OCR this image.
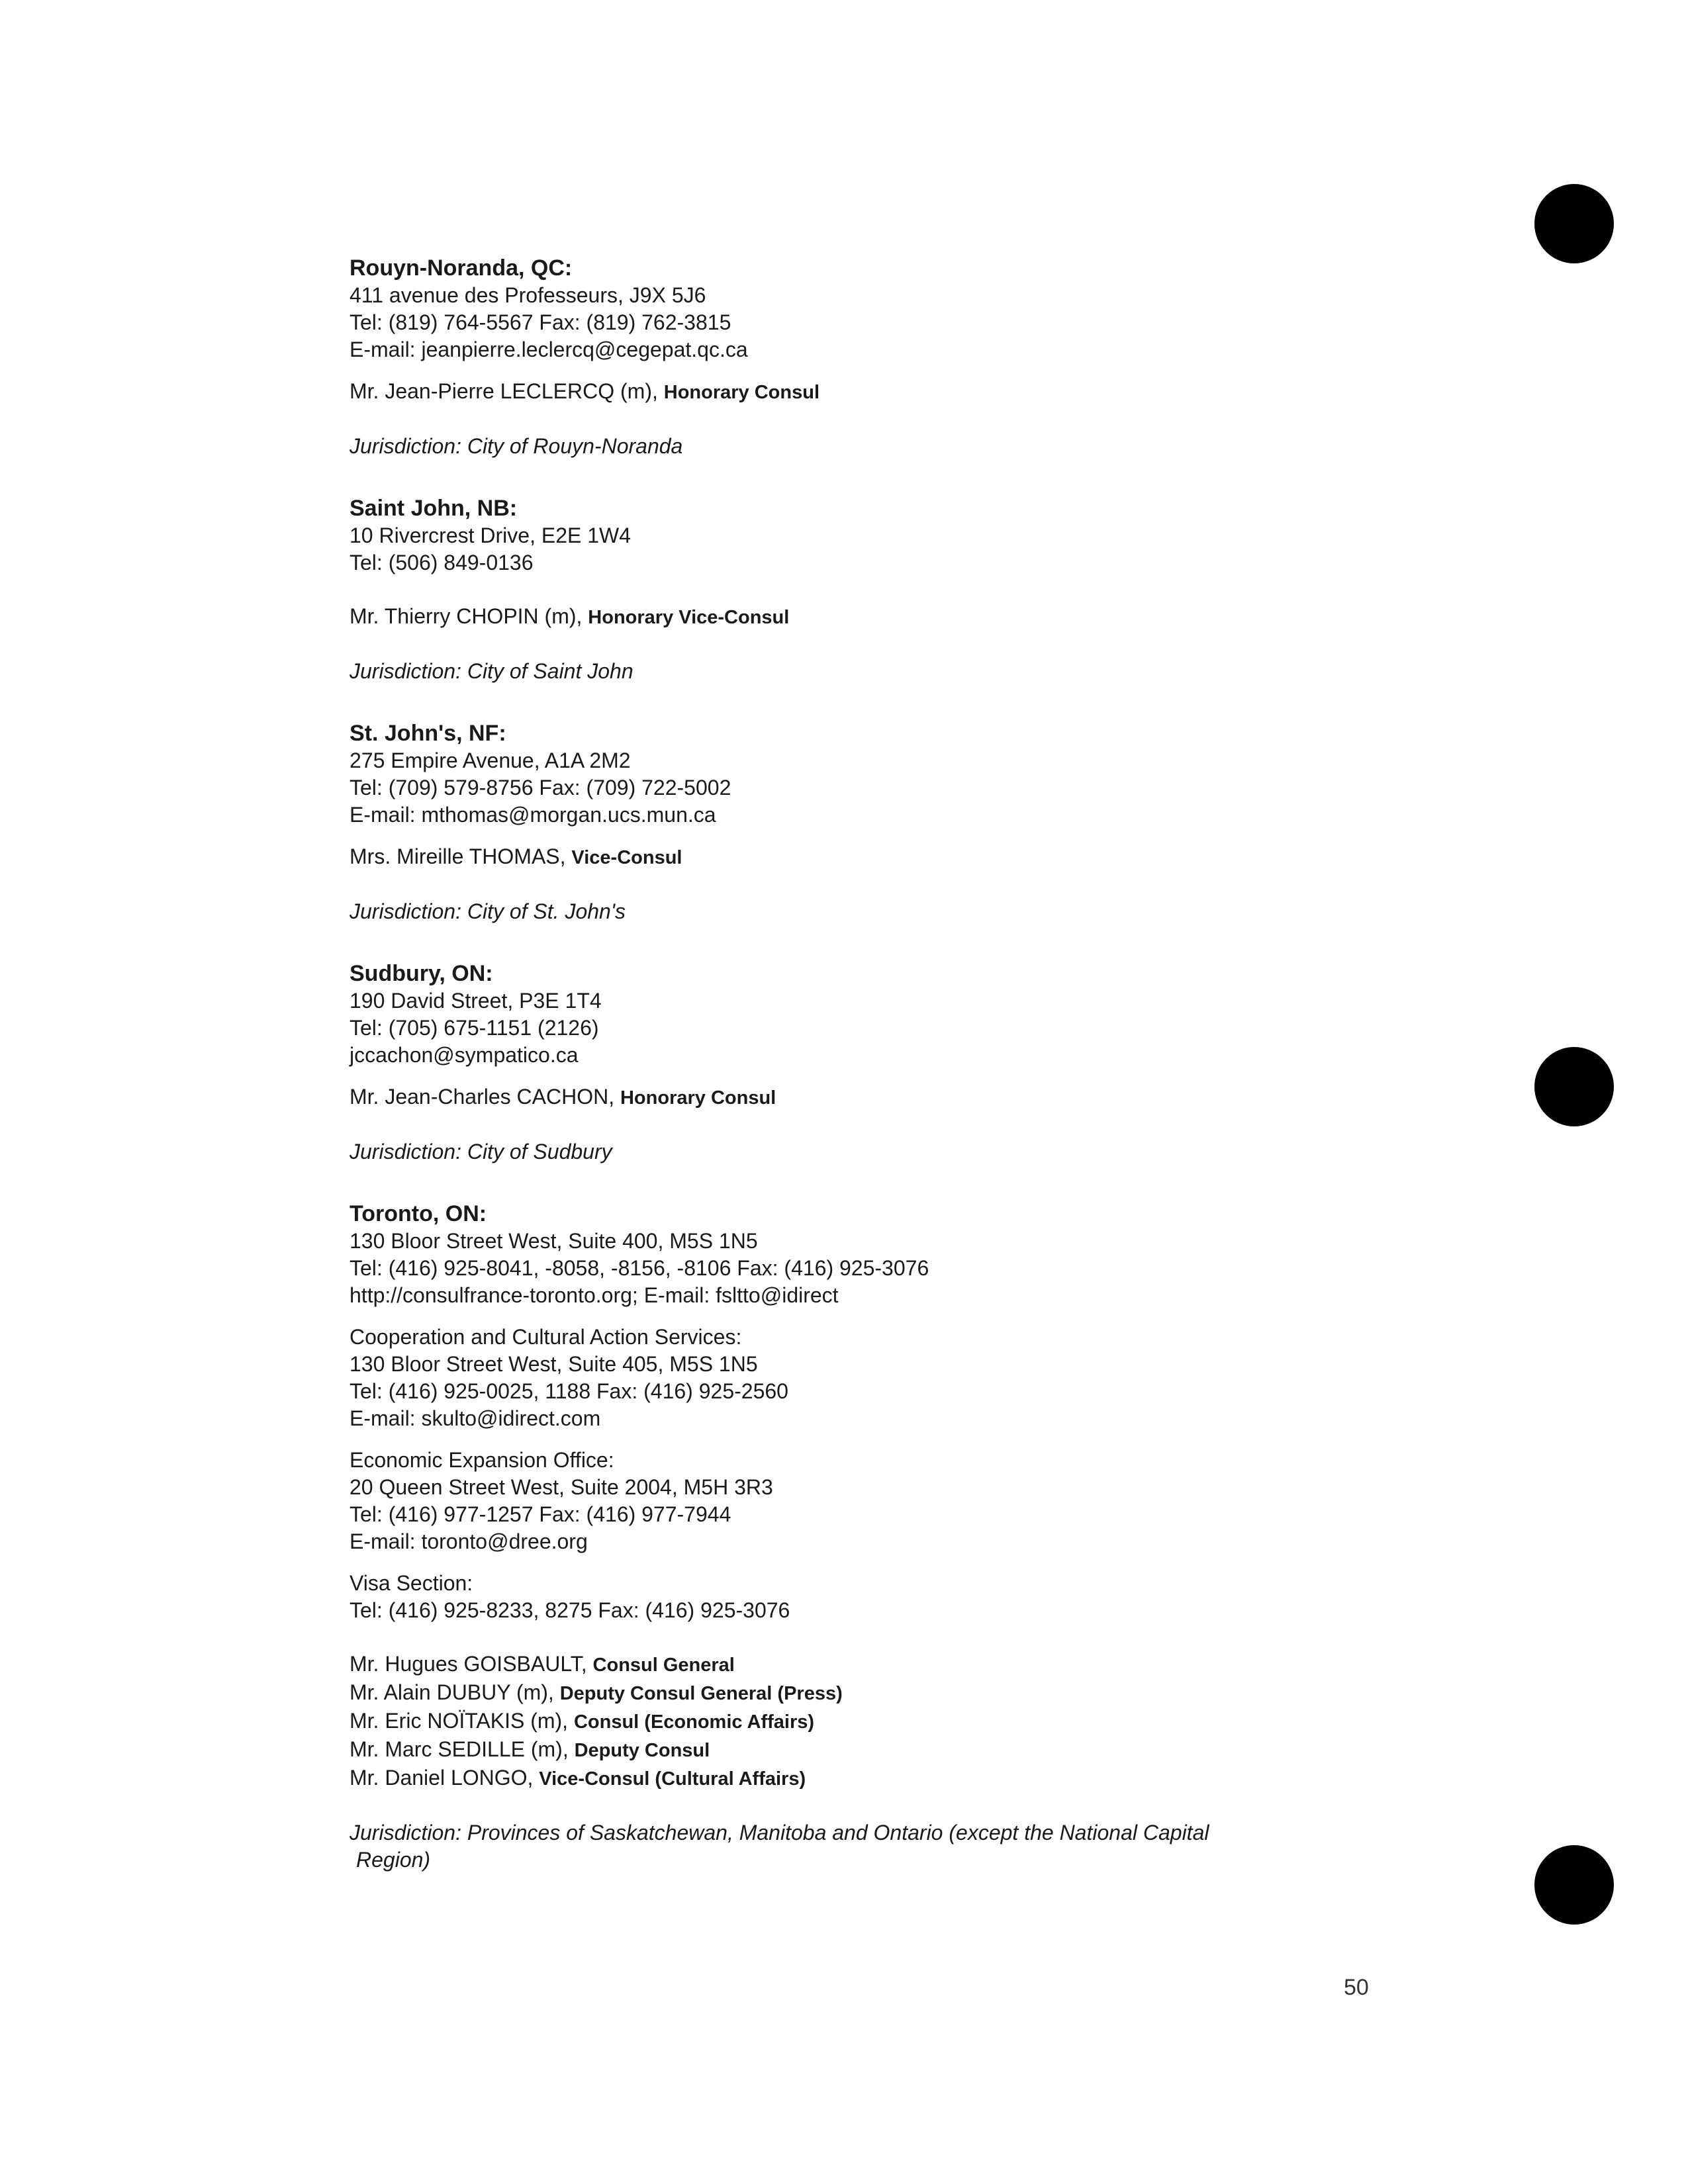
Rouyn-Noranda, QC:
411 avenue des Professeurs, J9X 5J6
Tel: (819) 764-5567 Fax: (819) 762-3815
E-mail: jeanpierre.leclercq@cegepat.qc.ca
Mr. Jean-Pierre LECLERCQ (m), Honorary Consul
Jurisdiction: City of Rouyn-Noranda
Saint John, NB:
10 Rivercrest Drive, E2E 1W4
Tel: (506) 849-0136
Mr. Thierry CHOPIN (m), Honorary Vice-Consul
Jurisdiction: City of Saint John
St. John's, NF:
275 Empire Avenue, A1A 2M2
Tel: (709) 579-8756 Fax: (709) 722-5002
E-mail: mthomas@morgan.ucs.mun.ca
Mrs. Mireille THOMAS, Vice-Consul
Jurisdiction: City of St. John's
Sudbury, ON:
190 David Street, P3E 1T4
Tel: (705) 675-1151 (2126)
jccachon@sympatico.ca
Mr. Jean-Charles CACHON, Honorary Consul
Jurisdiction: City of Sudbury
Toronto, ON:
130 Bloor Street West, Suite 400, M5S 1N5
Tel: (416) 925-8041, -8058, -8156, -8106 Fax: (416) 925-3076
http://consulfrance-toronto.org; E-mail: fsltto@idirect
Cooperation and Cultural Action Services:
130 Bloor Street West, Suite 405, M5S 1N5
Tel: (416) 925-0025, 1188 Fax: (416) 925-2560
E-mail: skulto@idirect.com
Economic Expansion Office:
20 Queen Street West, Suite 2004, M5H 3R3
Tel: (416) 977-1257 Fax: (416) 977-7944
E-mail: toronto@dree.org
Visa Section:
Tel: (416) 925-8233, 8275 Fax: (416) 925-3076
Mr. Hugues GOISBAULT, Consul General
Mr. Alain DUBUY (m), Deputy Consul General (Press)
Mr. Eric NOÏTAKIS (m), Consul (Economic Affairs)
Mr. Marc SEDILLE (m), Deputy Consul
Mr. Daniel LONGO, Vice-Consul (Cultural Affairs)
Jurisdiction: Provinces of Saskatchewan, Manitoba and Ontario (except the National Capital
Region)
50
